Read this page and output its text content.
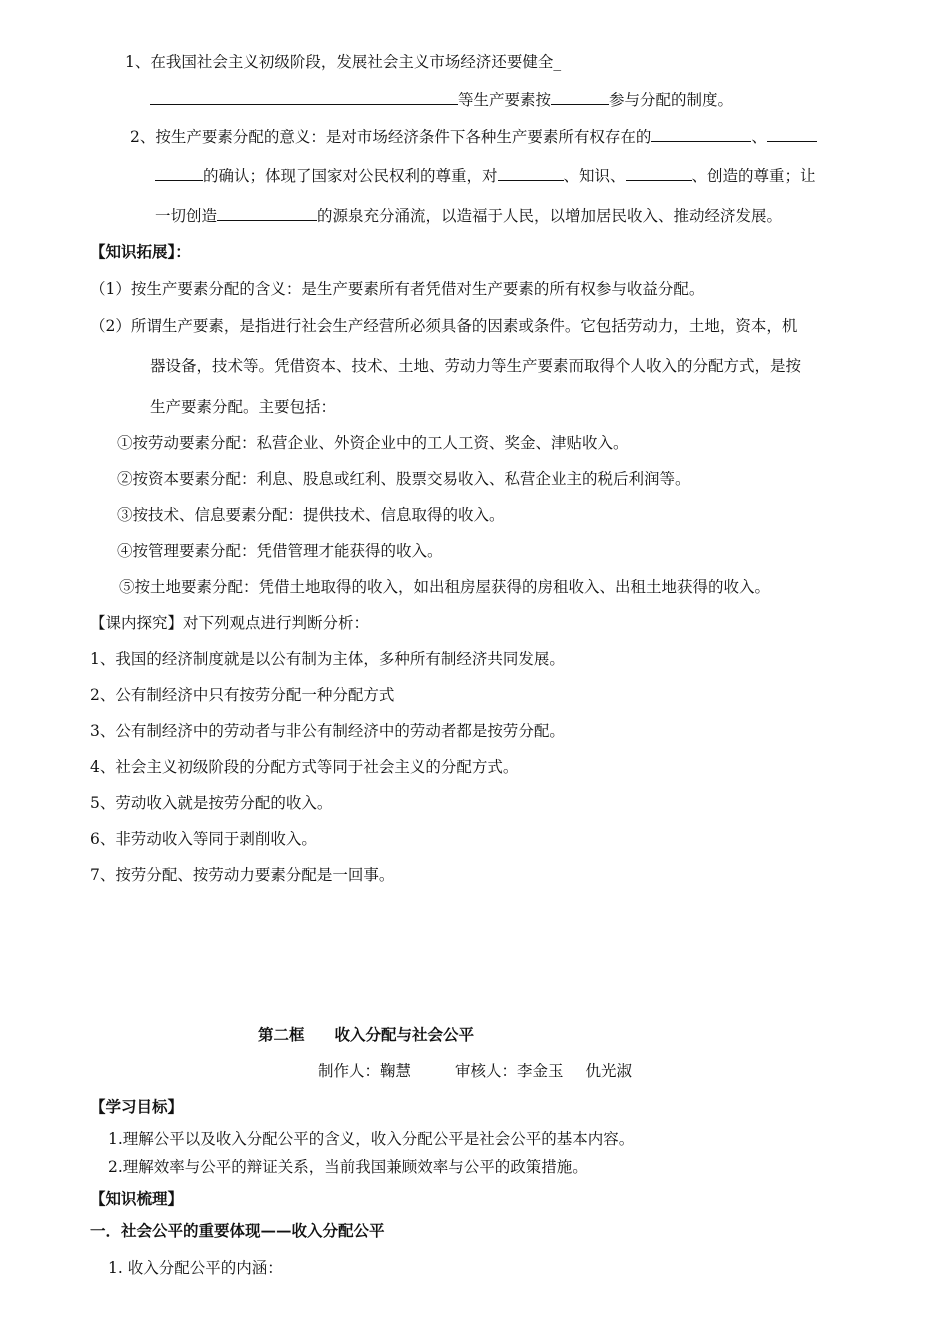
1、在我国社会主义初级阶段，发展社会主义市场经济还要健全_
等生产要素按	参与分配的制度。
2、按生产要素分配的意义：是对市场经济条件下各种生产要素所有权存在的	、
的确认；体现了国家对公民权利的尊重，对	、知识、	、创造的尊重；让
一切创造	的源泉充分涌流，以造福于人民，以增加居民收入、推动经济发展。
【知识拓展】：
（1）按生产要素分配的含义：是生产要素所有者凭借对生产要素的所有权参与收益分配。
（2）所谓生产要素，是指进行社会生产经营所必须具备的因素或条件。它包括劳动力，土地，资本，机
器设备，技术等。凭借资本、技术、土地、劳动力等生产要素而取得个人收入的分配方式，是按
生产要素分配。主要包括：
①按劳动要素分配：私营企业、外资企业中的工人工资、奖金、津贴收入。
②按资本要素分配：利息、股息或红利、股票交易收入、私营企业主的税后利润等。
③按技术、信息要素分配：提供技术、信息取得的收入。
④按管理要素分配：凭借管理才能获得的收入。
⑤按土地要素分配：凭借土地取得的收入，如出租房屋获得的房租收入、出租土地获得的收入。
【课内探究】对下列观点进行判断分析：
1、我国的经济制度就是以公有制为主体，多种所有制经济共同发展。
2、公有制经济中只有按劳分配一种分配方式
3、公有制经济中的劳动者与非公有制经济中的劳动者都是按劳分配。
4、社会主义初级阶段的分配方式等同于社会主义的分配方式。
5、劳动收入就是按劳分配的收入。
6、非劳动收入等同于剥削收入。
7、按劳分配、按劳动力要素分配是一回事。
第二框 收入分配与社会公平
制作人：鞠慧	审核人：李金玉 仇光淑
【学习目标】
1.理解公平以及收入分配公平的含义，收入分配公平是社会公平的基本内容。
2.理解效率与公平的辩证关系，当前我国兼顾效率与公平的政策措施。
【知识梳理】
一．社会公平的重要体现——收入分配公平
1. 收入分配公平的内涵：
